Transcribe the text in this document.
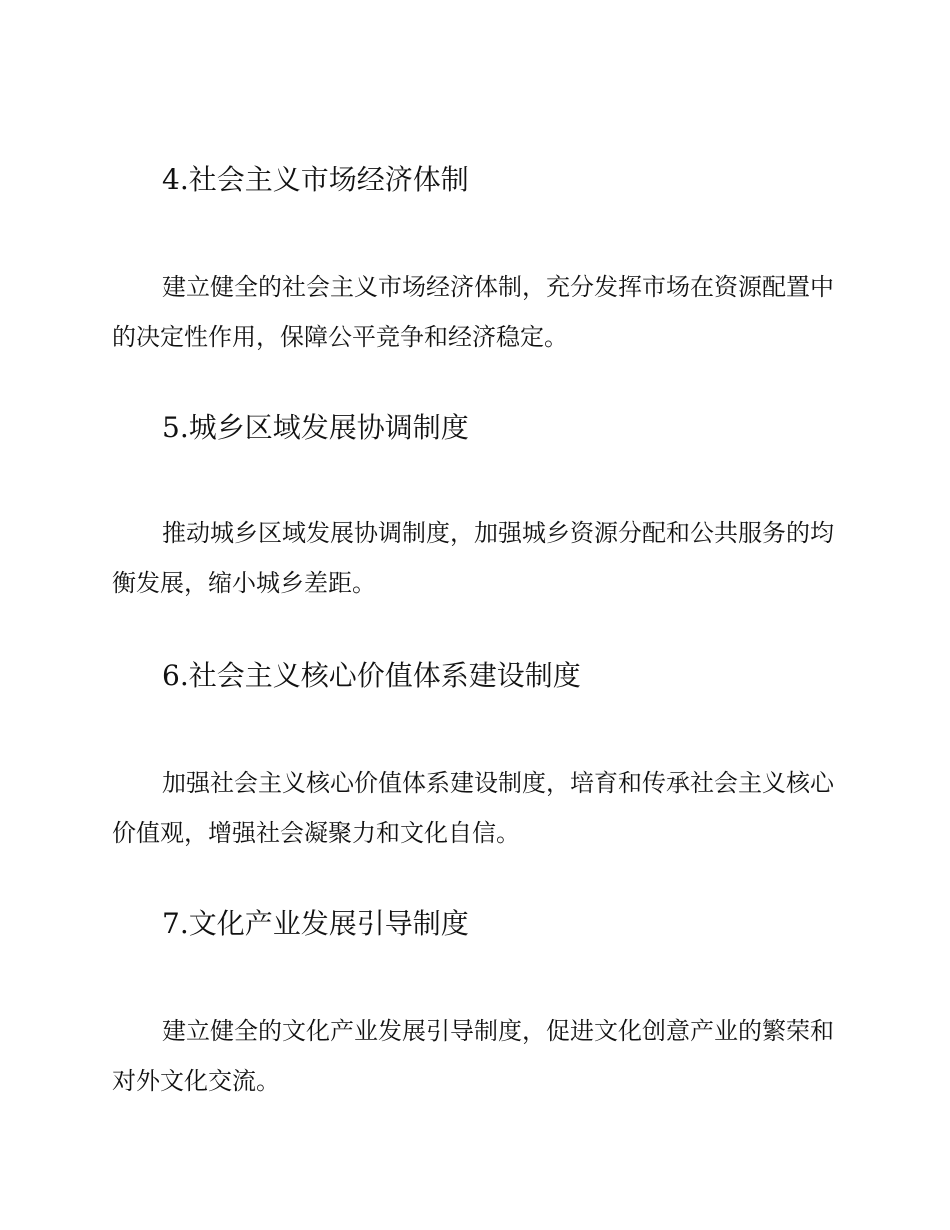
4.社会主义市场经济体制

建立健全的社会主义市场经济体制，充分发挥市场在资源配置中的决定性作用，保障公平竞争和经济稳定。

5.城乡区域发展协调制度

推动城乡区域发展协调制度，加强城乡资源分配和公共服务的均衡发展，缩小城乡差距。

6.社会主义核心价值体系建设制度

加强社会主义核心价值体系建设制度，培育和传承社会主义核心价值观，增强社会凝聚力和文化自信。

7.文化产业发展引导制度

建立健全的文化产业发展引导制度，促进文化创意产业的繁荣和对外文化交流。
